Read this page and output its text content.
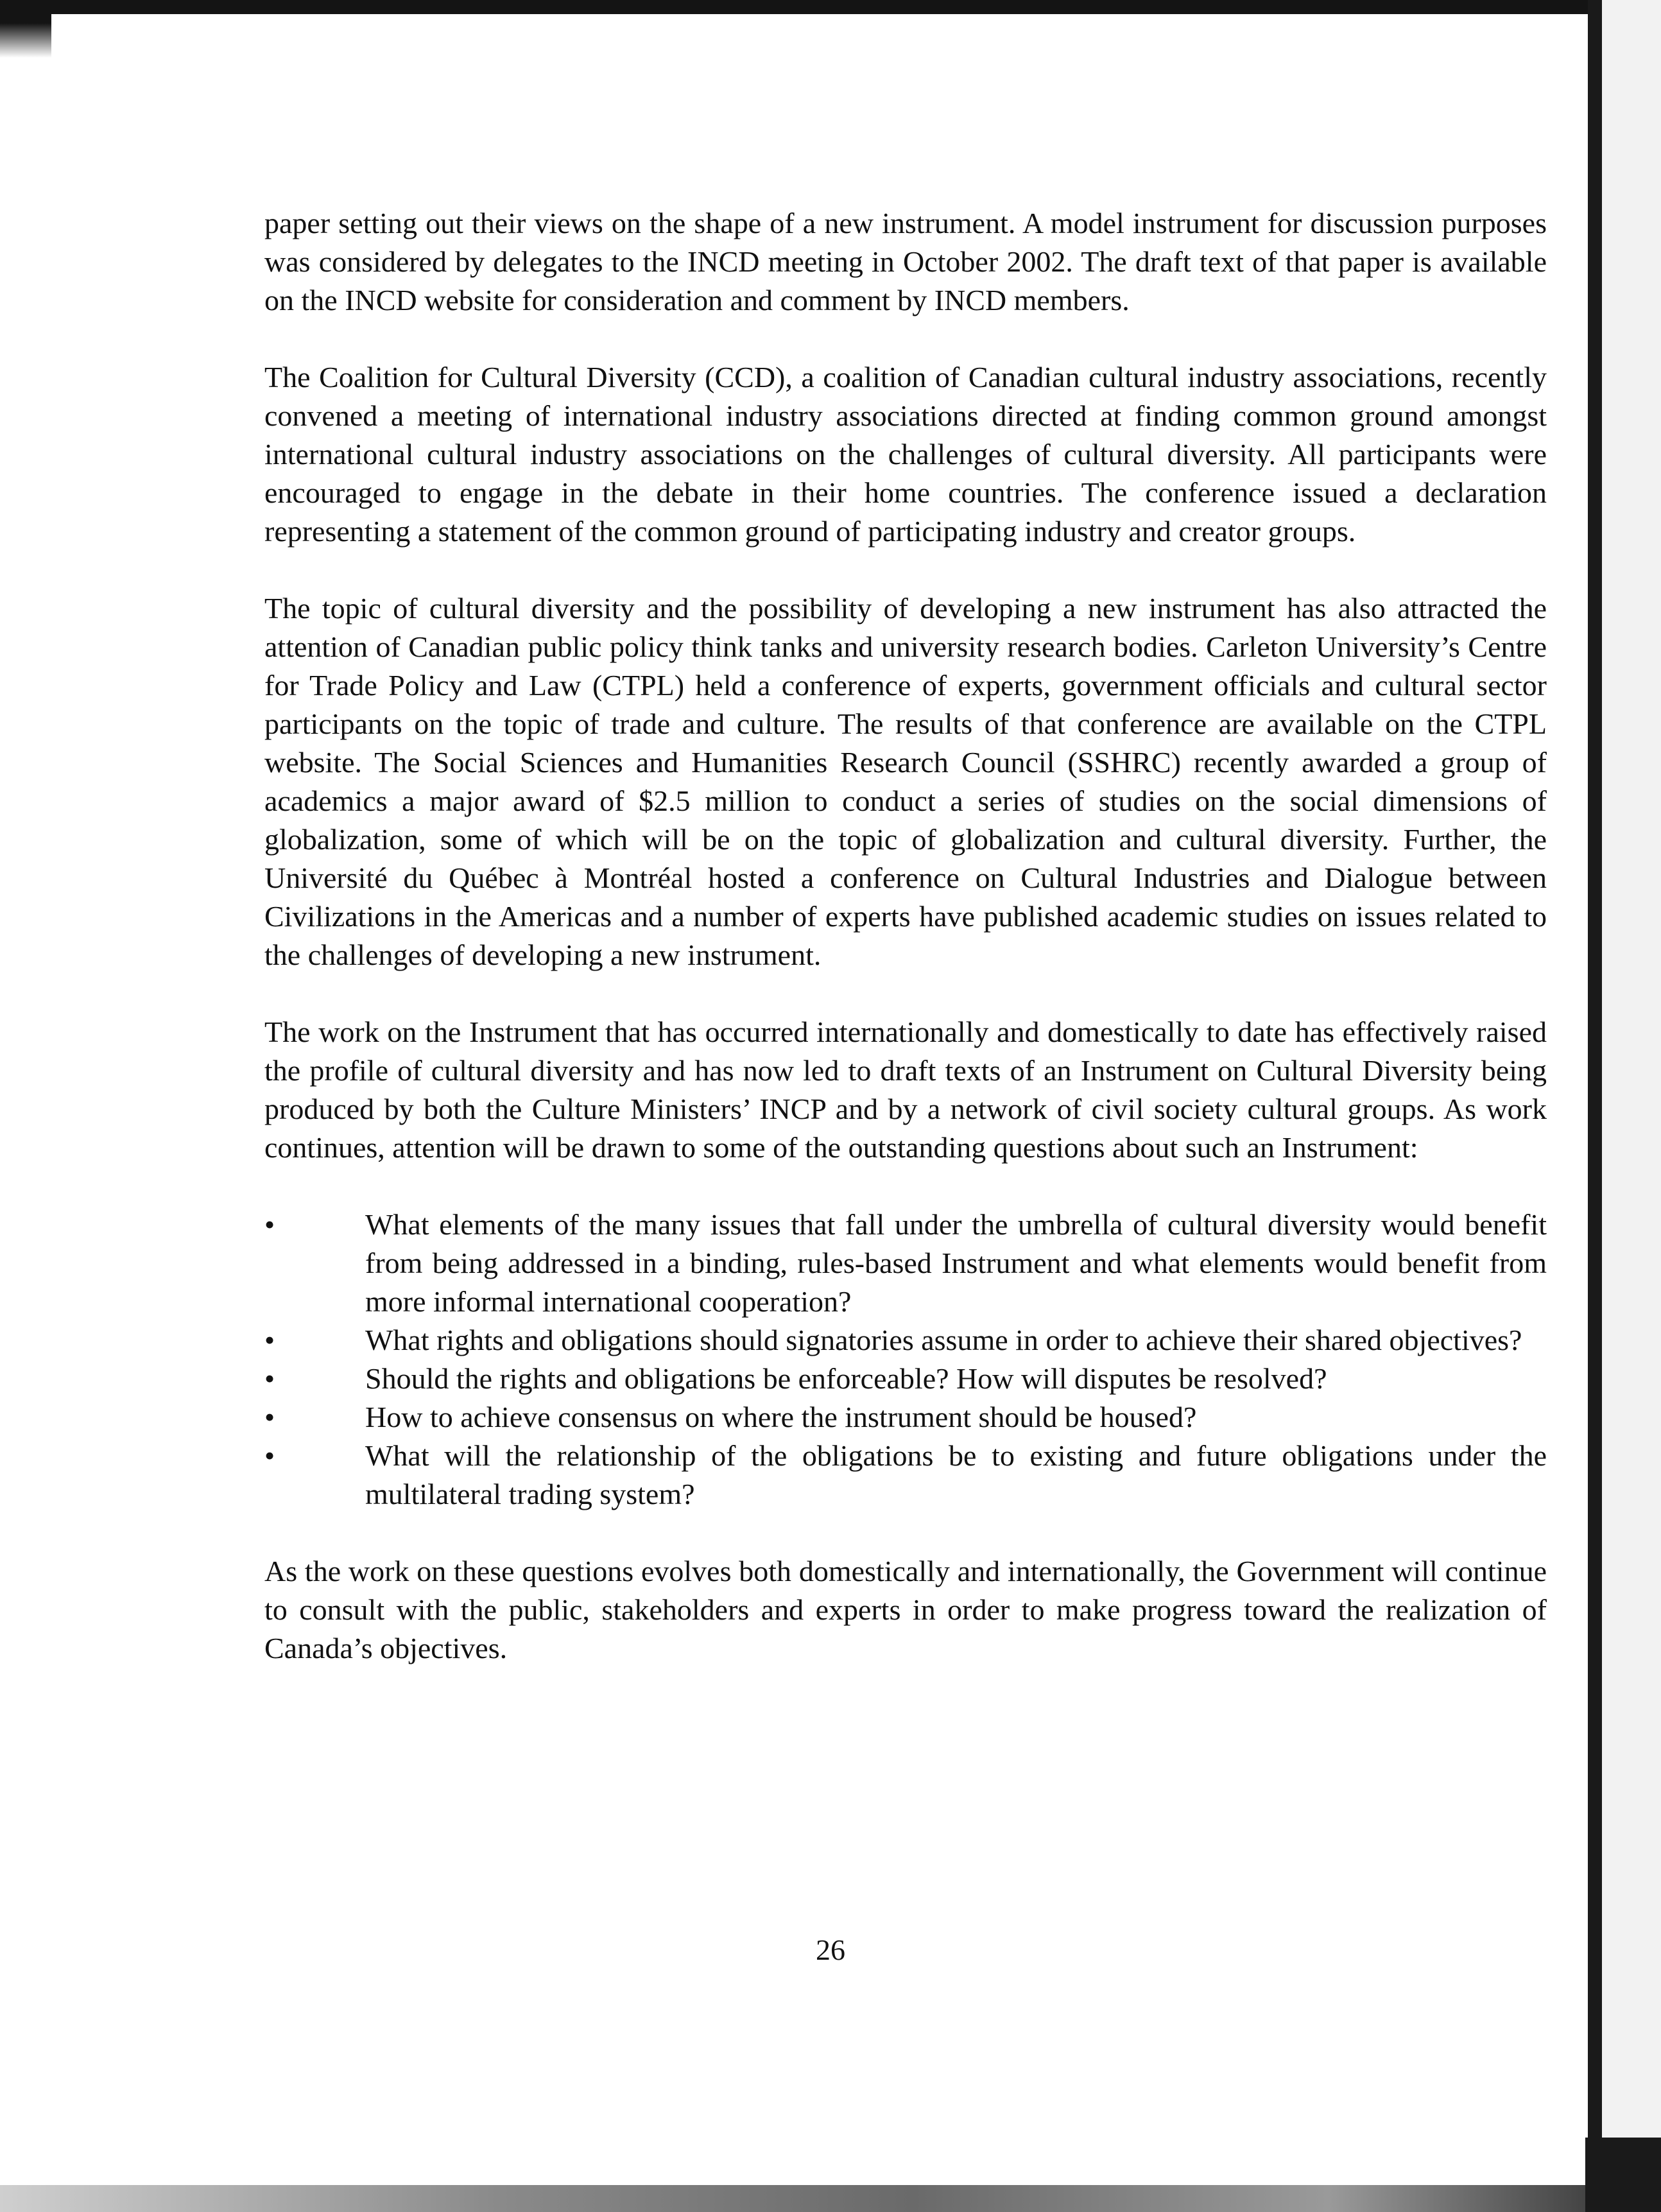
paper setting out their views on the shape of a new instrument. A model instrument for discussion purposes was considered by delegates to the INCD meeting in October 2002. The draft text of that paper is available on the INCD website for consideration and comment by INCD members.

The Coalition for Cultural Diversity (CCD), a coalition of Canadian cultural industry associations, recently convened a meeting of international industry associations directed at finding common ground amongst international cultural industry associations on the challenges of cultural diversity. All participants were encouraged to engage in the debate in their home countries. The conference issued a declaration representing a statement of the common ground of participating industry and creator groups.

The topic of cultural diversity and the possibility of developing a new instrument has also attracted the attention of Canadian public policy think tanks and university research bodies. Carleton University’s Centre for Trade Policy and Law (CTPL) held a conference of experts, government officials and cultural sector participants on the topic of trade and culture. The results of that conference are available on the CTPL website. The Social Sciences and Humanities Research Council (SSHRC) recently awarded a group of academics a major award of $2.5 million to conduct a series of studies on the social dimensions of globalization, some of which will be on the topic of globalization and cultural diversity. Further, the Université du Québec à Montréal hosted a conference on Cultural Industries and Dialogue between Civilizations in the Americas and a number of experts have published academic studies on issues related to the challenges of developing a new instrument.

The work on the Instrument that has occurred internationally and domestically to date has effectively raised the profile of cultural diversity and has now led to draft texts of an Instrument on Cultural Diversity being produced by both the Culture Ministers’ INCP and by a network of civil society cultural groups. As work continues, attention will be drawn to some of the outstanding questions about such an Instrument:

•	What elements of the many issues that fall under the umbrella of cultural diversity would benefit from being addressed in a binding, rules-based Instrument and what elements would benefit from more informal international cooperation?
•	What rights and obligations should signatories assume in order to achieve their shared objectives?
•	Should the rights and obligations be enforceable? How will disputes be resolved?
•	How to achieve consensus on where the instrument should be housed?
•	What will the relationship of the obligations be to existing and future obligations under the multilateral trading system?

As the work on these questions evolves both domestically and internationally, the Government will continue to consult with the public, stakeholders and experts in order to make progress toward the realization of Canada’s objectives.

26
